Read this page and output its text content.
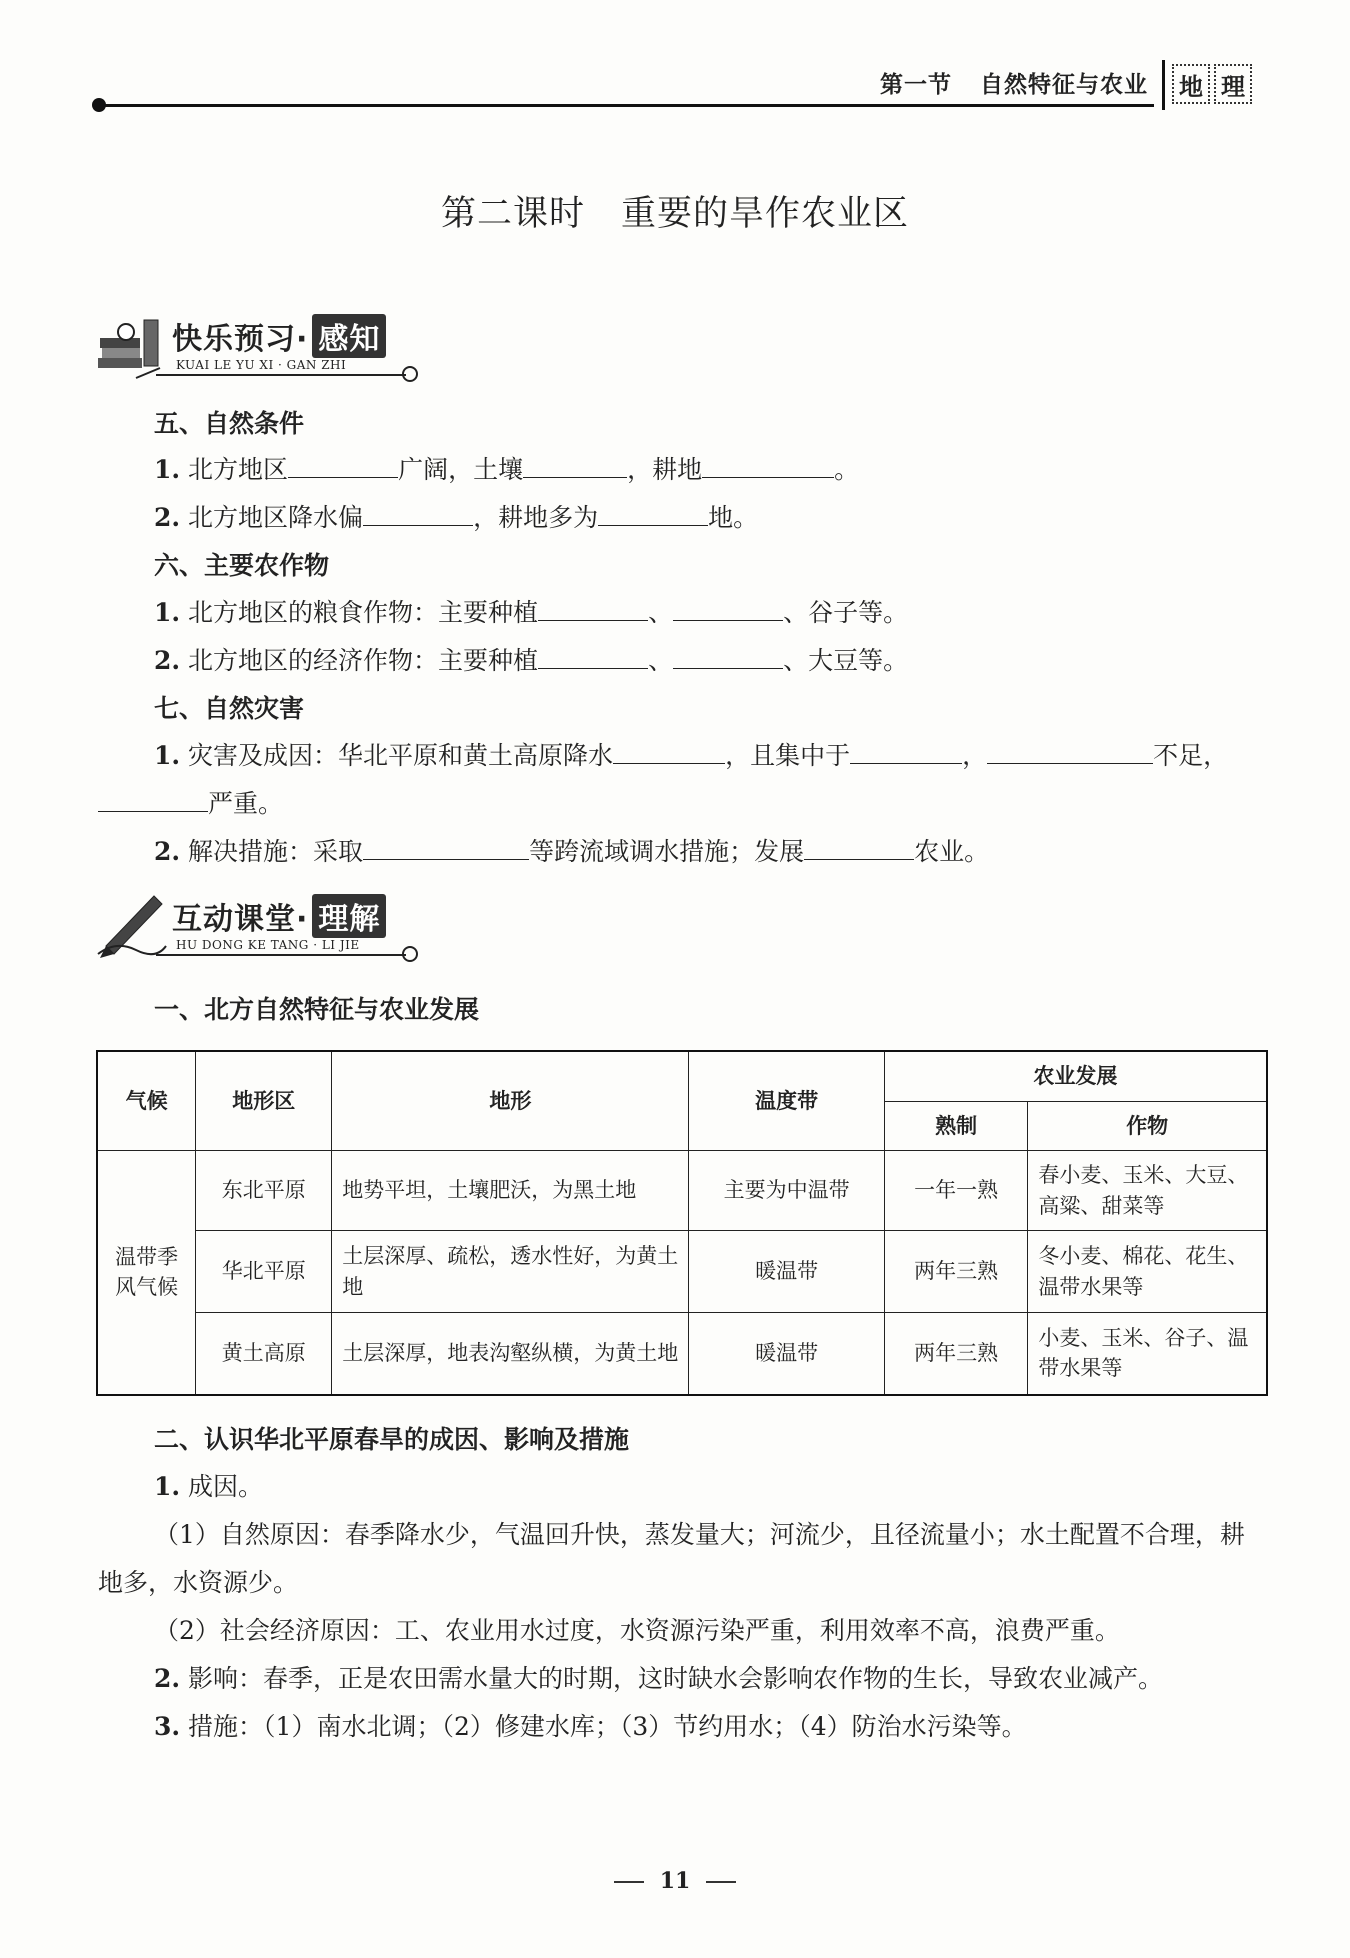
第一节 自然特征与农业	地 理
第二课时　重要的旱作农业区
快乐预习· 感知
KUAI LE YU XI · GAN ZHI
五、自然条件
1. 北方地区	广阔，土壤	，耕地	。
2. 北方地区降水偏	，耕地多为	地。
六、主要农作物
1. 北方地区的粮食作物：主要种植	、	、谷子等。
2. 北方地区的经济作物：主要种植	、	、大豆等。
七、自然灾害
1. 灾害及成因：华北平原和黄土高原降水	，且集中于	，	不足，
严重。
2. 解决措施：采取	等跨流域调水措施；发展	农业。
互动课堂· 理解
HU DONG KE TANG · LI JIE
一、北方自然特征与农业发展
气候	地形区	地形	温度带	农业发展	
				熟制	作物
温带季风气候	东北平原	地势平坦，土壤肥沃，为黑土地	主要为中温带	一年一熟	春小麦、玉米、大豆、高粱、甜菜等
	华北平原	土层深厚、疏松，透水性好，为黄土地	暖温带	两年三熟	冬小麦、棉花、花生、温带水果等
	黄土高原	土层深厚，地表沟壑纵横，为黄土地	暖温带	两年三熟	小麦、玉米、谷子、温带水果等
二、认识华北平原春旱的成因、影响及措施
1. 成因。
（1）自然原因：春季降水少，气温回升快，蒸发量大；河流少，且径流量小；水土配置不合理，耕
地多，水资源少。
（2）社会经济原因：工、农业用水过度，水资源污染严重，利用效率不高，浪费严重。
2. 影响：春季，正是农田需水量大的时期，这时缺水会影响农作物的生长，导致农业减产。
3. 措施：（1）南水北调；（2）修建水库；（3）节约用水；（4）防治水污染等。
11
